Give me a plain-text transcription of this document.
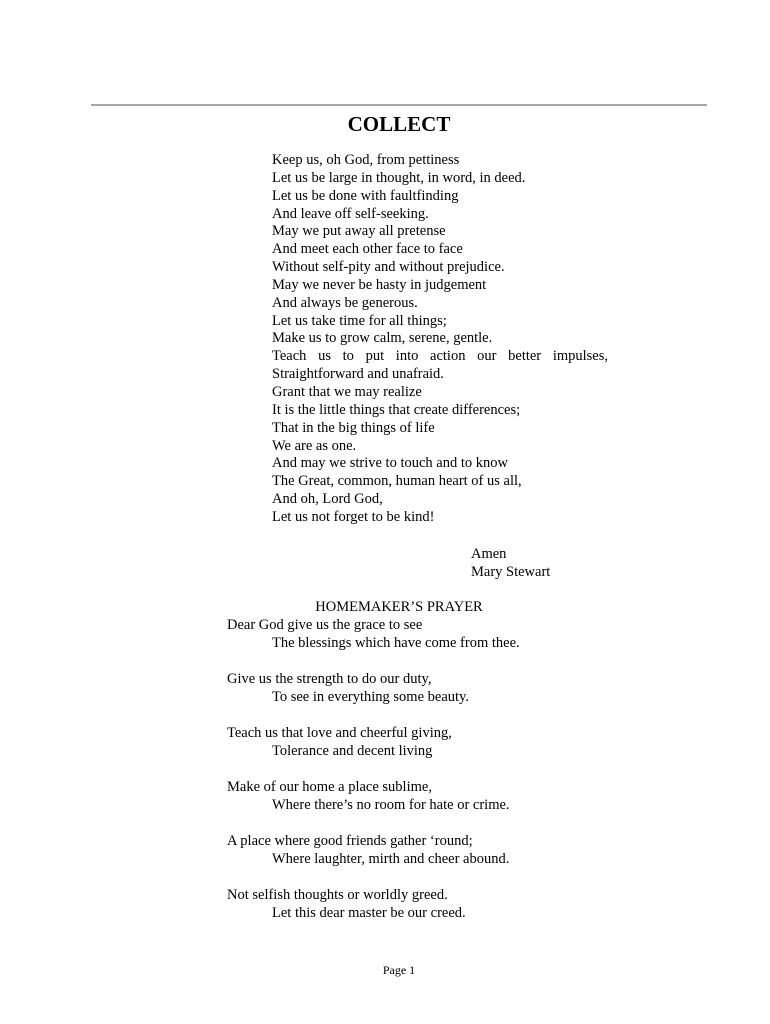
COLLECT
Keep us, oh God, from pettiness
Let us be large in thought, in word, in deed.
Let us be done with faultfinding
And leave off self-seeking.
May we put away all pretense
And meet each other face to face
Without self-pity and without prejudice.
May we never be hasty in judgement
And always be generous.
Let us take time for all things;
Make us to grow calm, serene, gentle.
Teach us to put into action our better impulses,
Straightforward and unafraid.
Grant that we may realize
It is the little things that create differences;
That in the big things of life
We are as one.
And may we strive to touch and to know
The Great, common, human heart of us all,
And oh, Lord God,
Let us not forget to be kind!
Amen
Mary Stewart
HOMEMAKER’S PRAYER
Dear God give us the grace to see
The blessings which have come from thee.
Give us the strength to do our duty,
To see in everything some beauty.
Teach us that love and cheerful giving,
Tolerance and decent living
Make of our home a place sublime,
Where there’s no room for hate or crime.
A place where good friends gather ‘round;
Where laughter, mirth and cheer abound.
Not selfish thoughts or worldly greed.
Let this dear master be our creed.
Page 1
